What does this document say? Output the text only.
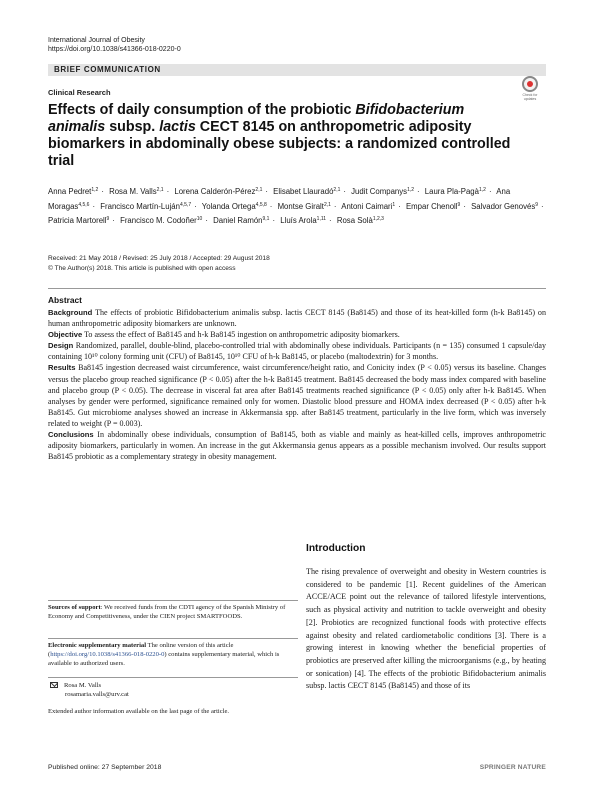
International Journal of Obesity
https://doi.org/10.1038/s41366-018-0220-0
BRIEF COMMUNICATION
Clinical Research	Check for updates
Effects of daily consumption of the probiotic Bifidobacterium animalis subsp. lactis CECT 8145 on anthropometric adiposity biomarkers in abdominally obese subjects: a randomized controlled trial
Anna Pedret$^{1,2}$ · Rosa M. Valls$^{2,1}$ · Lorena Calderón-Pérez$^{2,1}$ · Elisabet Llauradó$^{2,1}$ · Judit Companys$^{1,2}$ · Laura Pla-Pagà$^{1,2}$ · Ana Moragas$^{4,5,6}$ · Francisco Martín-Luján$^{4,5,7}$ · Yolanda Ortega$^{4,5,8}$ · Montse Giralt$^{2,1}$ · Antoni Caimari$^1$ · Empar Chenoll$^9$ · Salvador Genovés$^9$ · Patricia Martorell$^9$ · Francisco M. Codoñer$^{10}$ · Daniel Ramón$^{9,1}$ · Lluís Arola$^{1,11}$ · Rosa Solà$^{1,2,3}$
Received: 21 May 2018 / Revised: 25 July 2018 / Accepted: 29 August 2018
© The Author(s) 2018. This article is published with open access
Abstract

Background The effects of probiotic Bifidobacterium animalis subsp. lactis CECT 8145 (Ba8145) and those of its heat-killed form (h-k Ba8145) on human anthropometric adiposity biomarkers are unknown.

Objective To assess the effect of Ba8145 and h-k Ba8145 ingestion on anthropometric adiposity biomarkers.

Design Randomized, parallel, double-blind, placebo-controlled trial with abdominally obese individuals. Participants (n = 135) consumed 1 capsule/day containing 10¹⁰ colony forming unit (CFU) of Ba8145, 10¹⁰ CFU of h-k Ba8145, or placebo (maltodextrin) for 3 months.

Results Ba8145 ingestion decreased waist circumference, waist circumference/height ratio, and Conicity index (P < 0.05) versus its baseline. Changes versus the placebo group reached significance (P < 0.05) after the h-k Ba8145 treatment. Ba8145 decreased the body mass index compared with baseline and placebo group (P < 0.05). The decrease in visceral fat area after Ba8145 treatments reached significance (P < 0.05) only after h-k Ba8145. When analyses by gender were performed, significance remained only for women. Diastolic blood pressure and HOMA index decreased (P < 0.05) after h-k Ba8145. Gut microbiome analyses showed an increase in Akkermansia spp. after Ba8145 treatment, particularly in the live form, which was inversely related to weight (P = 0.003).

Conclusions In abdominally obese individuals, consumption of Ba8145, both as viable and mainly as heat-killed cells, improves anthropometric adiposity biomarkers, particularly in women. An increase in the gut Akkermansia genus appears as a possible mechanism involved. Our results support Ba8145 probiotic as a complementary strategy in obesity management.

Introduction
The rising prevalence of overweight and obesity in Western countries is considered to be pandemic [1]. Recent guidelines of the American ACCE/ACE point out the relevance of tailored lifestyle interventions, such as physical activity and nutrition to tackle overweight and obesity [2]. Probiotics are recognized functional foods with protective effects against obesity and related cardiometabolic conditions [3]. There is a growing interest in knowing whether the beneficial properties of probiotics are preserved after killing the microorganisms (e.g., by heating or sonication) [4]. The effects of the probiotic Bifidobacterium animalis subsp. lactis CECT 8145 (Ba8145) and those of its
Sources of support: We received funds from the CDTI agency of the Spanish Ministry of Economy and Competitiveness, under the CIEN project SMARTFOODS.
Electronic supplementary material The online version of this article (https://doi.org/10.1038/s41366-018-0220-0) contains supplementary material, which is available to authorized users.
Rosa M. Valls
rosamaria.valls@urv.cat
Extended author information available on the last page of the article.
Published online: 27 September 2018	SPRINGER NATURE
